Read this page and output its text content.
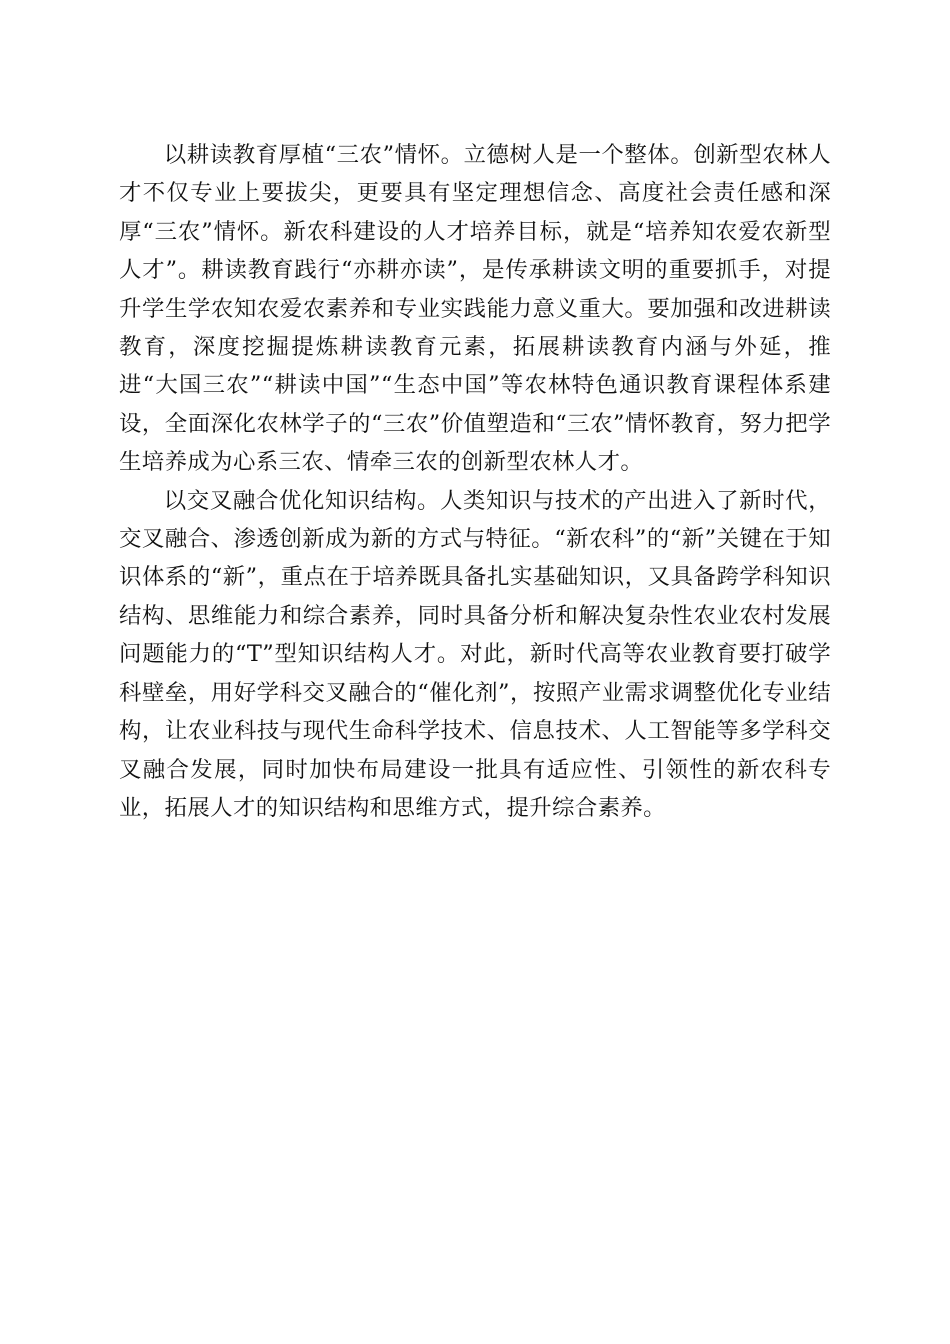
以耕读教育厚植“三农”情怀。立德树人是一个整体。创新型农林人才不仅专业上要拔尖，更要具有坚定理想信念、高度社会责任感和深厚“三农”情怀。新农科建设的人才培养目标，就是“培养知农爱农新型人才”。耕读教育践行“亦耕亦读”，是传承耕读文明的重要抓手，对提升学生学农知农爱农素养和专业实践能力意义重大。要加强和改进耕读教育，深度挖掘提炼耕读教育元素，拓展耕读教育内涵与外延，推进“大国三农”“耕读中国”“生态中国”等农林特色通识教育课程体系建设，全面深化农林学子的“三农”价值塑造和“三农”情怀教育，努力把学生培养成为心系三农、情牵三农的创新型农林人才。

以交叉融合优化知识结构。人类知识与技术的产出进入了新时代，交叉融合、渗透创新成为新的方式与特征。“新农科”的“新”关键在于知识体系的“新”，重点在于培养既具备扎实基础知识，又具备跨学科知识结构、思维能力和综合素养，同时具备分析和解决复杂性农业农村发展问题能力的“T”型知识结构人才。对此，新时代高等农业教育要打破学科壁垒，用好学科交叉融合的“催化剂”，按照产业需求调整优化专业结构，让农业科技与现代生命科学技术、信息技术、人工智能等多学科交叉融合发展，同时加快布局建设一批具有适应性、引领性的新农科专业，拓展人才的知识结构和思维方式，提升综合素养。
